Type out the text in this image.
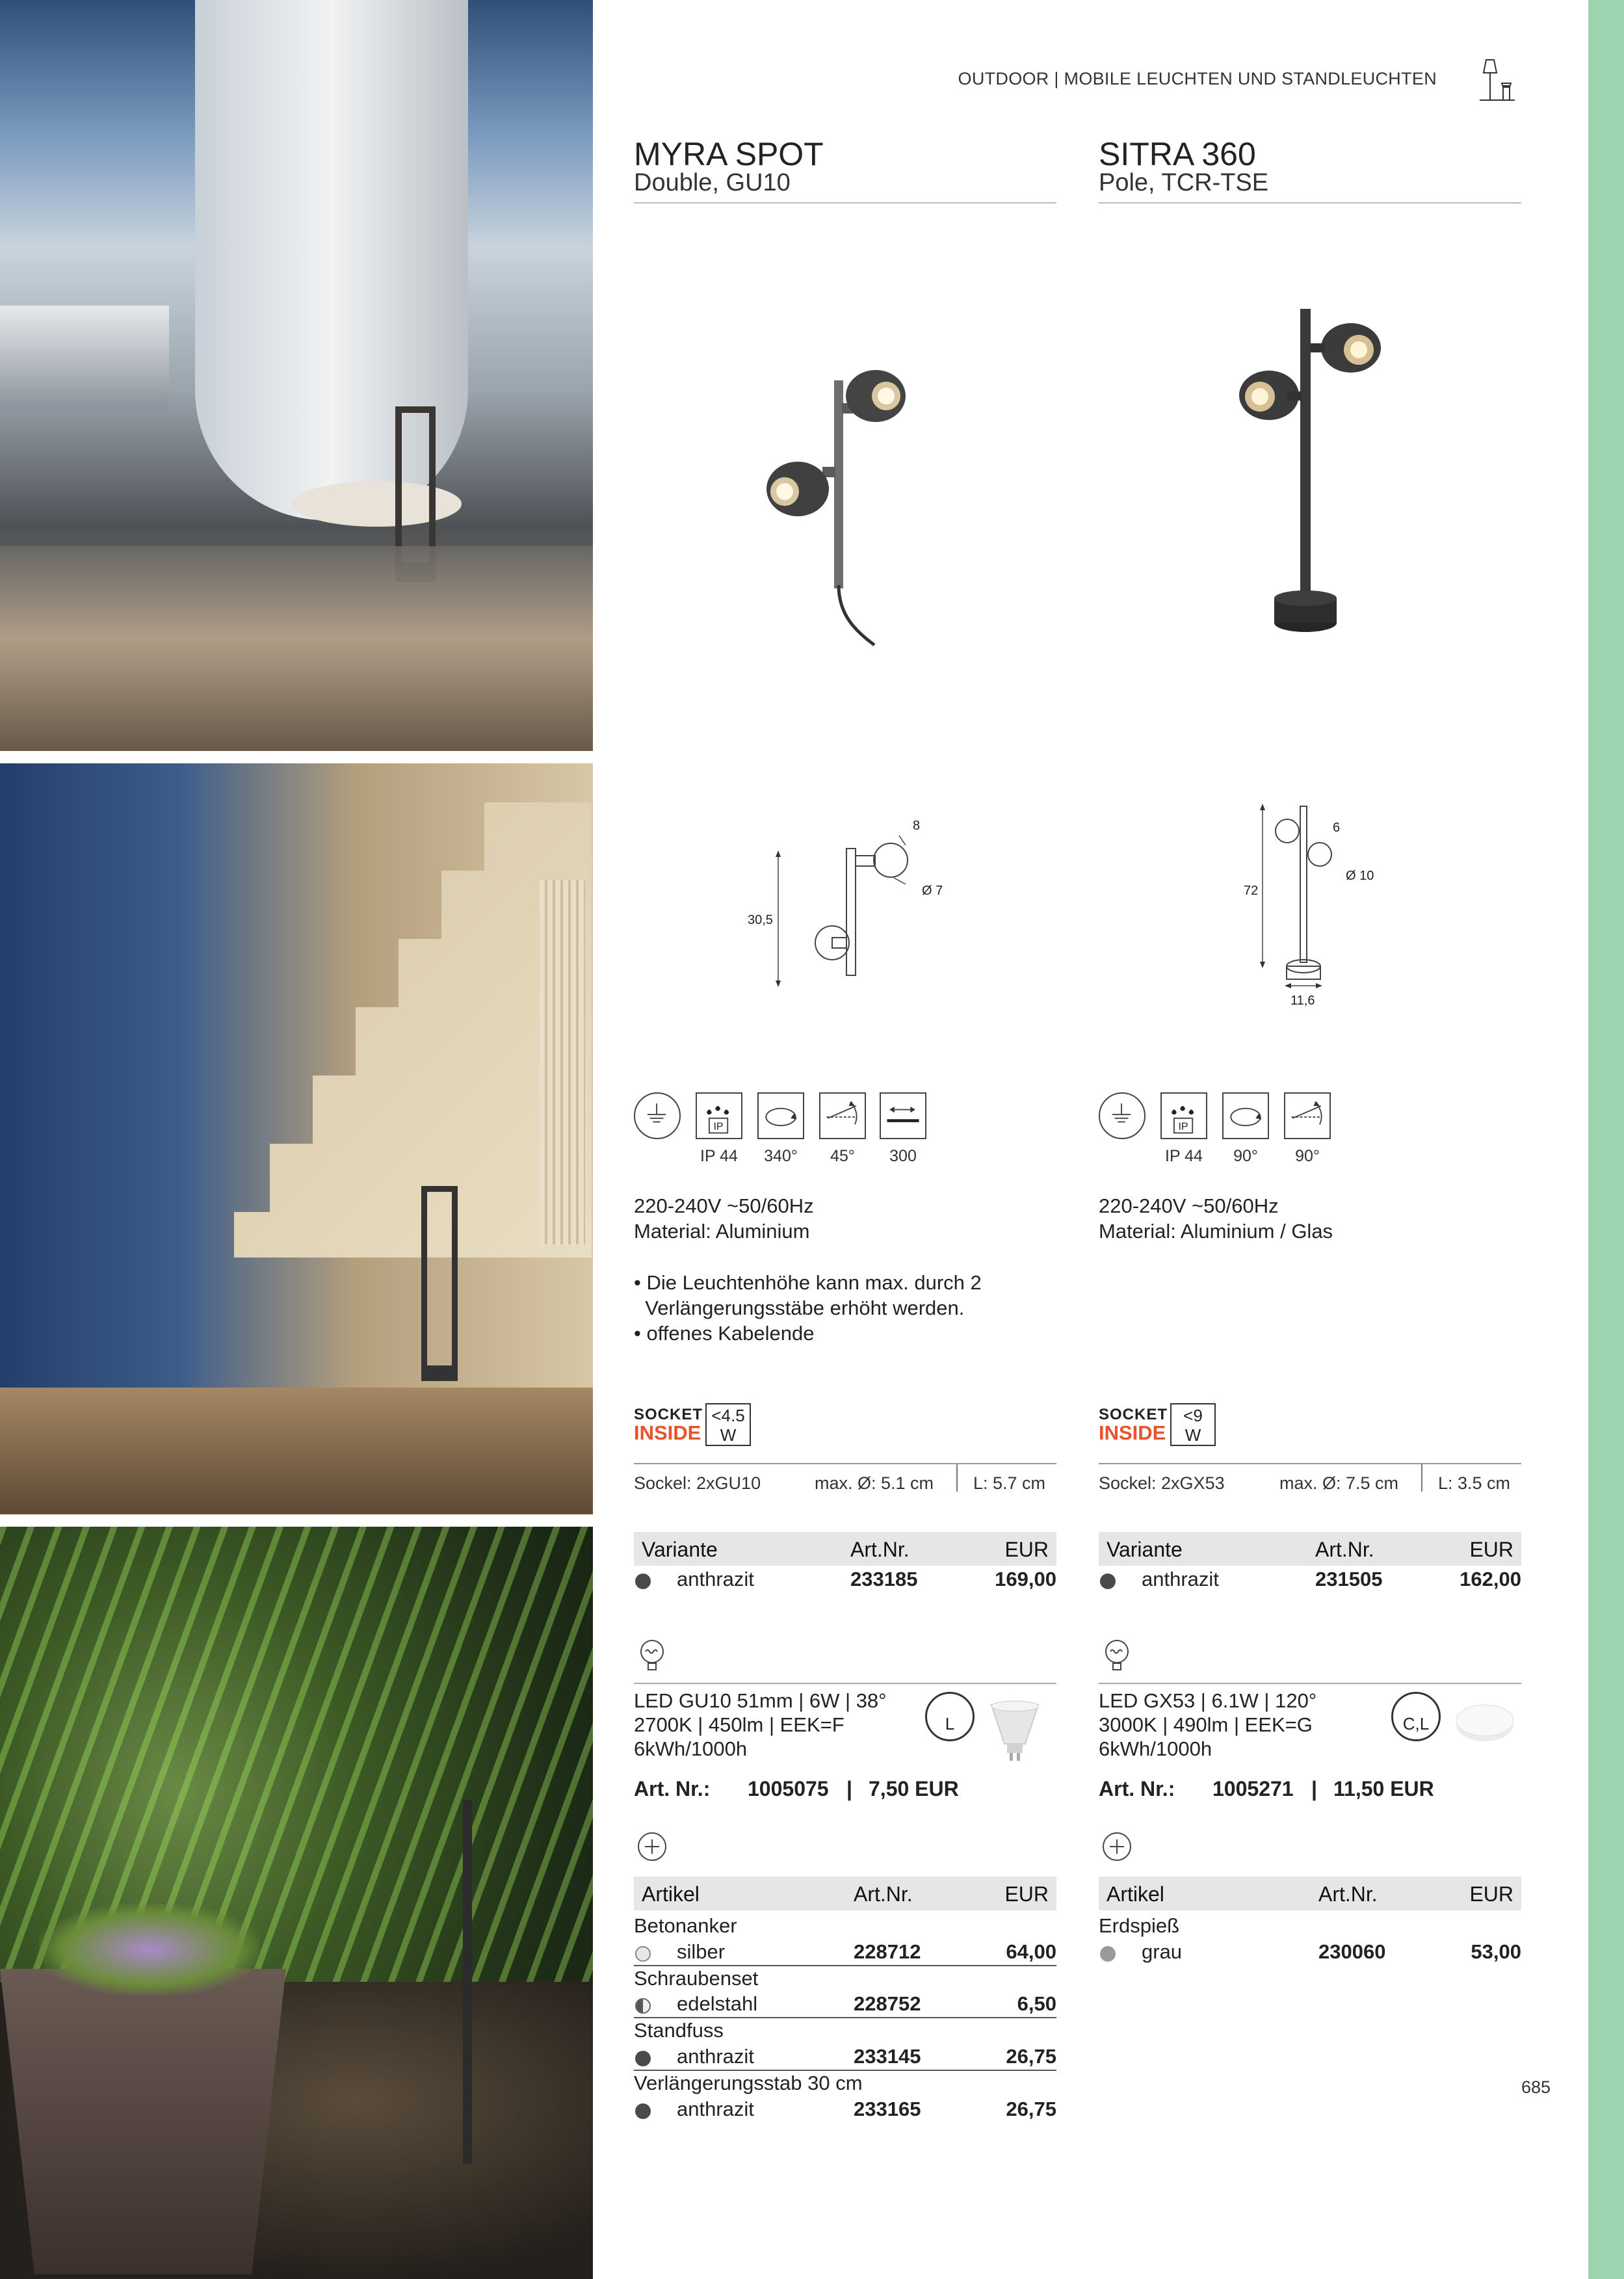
OUTDOOR | MOBILE LEUCHTEN UND STANDLEUCHTEN
MYRA SPOT
Double, GU10
8
Ø 7
30,5
IP
IP 44	340°	45°	300
220-240V ~50/60Hz
Material: Aluminium
• Die Leuchtenhöhe kann max. durch 2
Verlängerungsstäbe erhöht werden.
• offenes Kabelende
SOCKET
INSIDE
<4.5
W
Sockel: 2xGU10	max. Ø: 5.1 cm L: 5.7 cm
Variante	Art.Nr.	EUR
anthrazit	233185	169,00
LED GU10 51mm | 6W | 38°
2700K | 450lm | EEK=F
6kWh/1000h
L
Art. Nr.: 1005075 | 7,50 EUR
Artikel	Art.Nr.	EUR
Betonanker
silber	228712	64,00
Schraubenset
edelstahl	228752	6,50
Standfuss
anthrazit	233145	26,75
Verlängerungsstab 30 cm
anthrazit	233165	26,75
SITRA 360
Pole, TCR-TSE
6
Ø 10
72
11,6
IP
IP 44	90°	90°
220-240V ~50/60Hz
Material: Aluminium / Glas
SOCKET
INSIDE
<9
W
Sockel: 2xGX53	max. Ø: 7.5 cm L: 3.5 cm
Variante	Art.Nr.	EUR
anthrazit	231505	162,00
LED GX53 | 6.1W | 120°
3000K | 490lm | EEK=G
6kWh/1000h
C,L
Art. Nr.: 1005271 | 11,50 EUR
Artikel	Art.Nr.	EUR
Erdspieß
grau	230060	53,00
685
